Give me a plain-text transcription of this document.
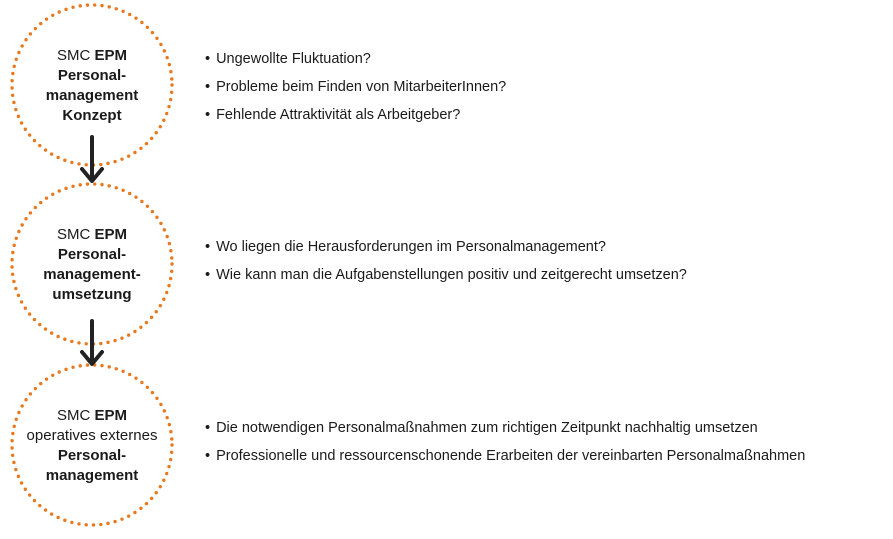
SMC EPM
Personal-
management
Konzept
• Ungewollte Fluktuation?
• Probleme beim Finden von MitarbeiterInnen?
• Fehlende Attraktivität als Arbeitgeber?
SMC EPM
Personal-
management-
umsetzung
• Wo liegen die Herausforderungen im Personalmanagement?
• Wie kann man die Aufgabenstellungen positiv und zeitgerecht umsetzen?
SMC EPM
operatives externes
Personal-
management
• Die notwendigen Personalmaßnahmen zum richtigen Zeitpunkt nachhaltig umsetzen
• Professionelle und ressourcenschonende Erarbeiten der vereinbarten Personalmaßnahmen
